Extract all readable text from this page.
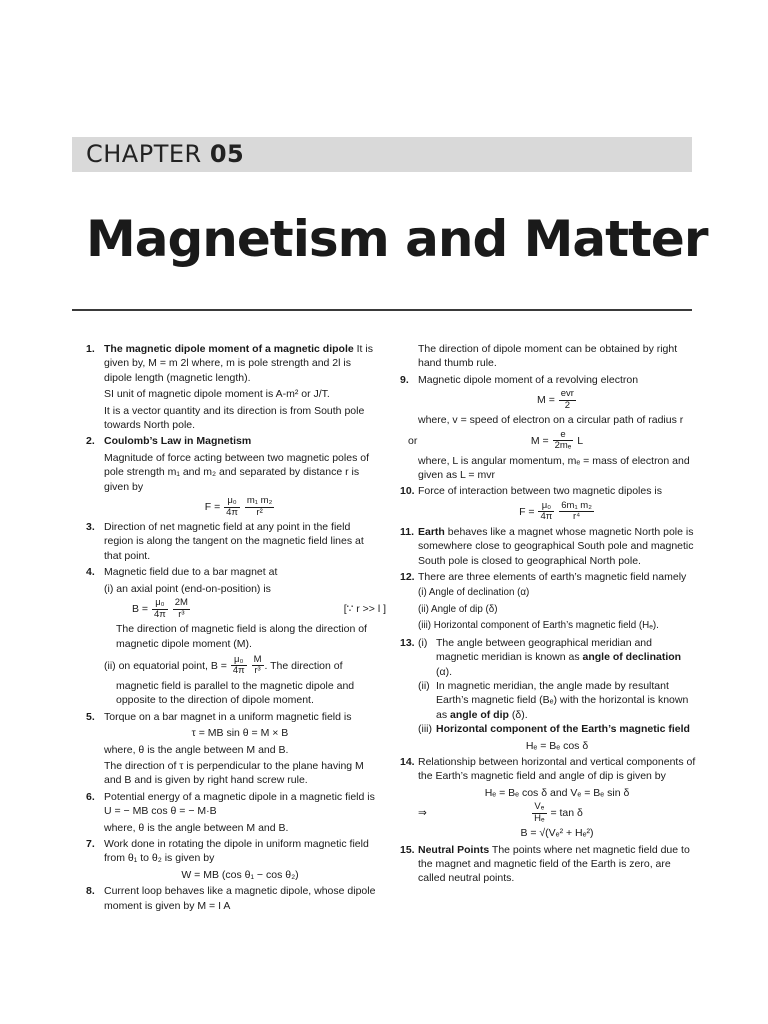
CHAPTER 05
Magnetism and Matter
1. The magnetic dipole moment of a magnetic dipole It is given by, M = m 2l where, m is pole strength and 2l is dipole length (magnetic length).
SI unit of magnetic dipole moment is A-m² or J/T.
It is a vector quantity and its direction is from South pole towards North pole.
2. Coulomb’s Law in Magnetism
Magnitude of force acting between two magnetic poles of pole strength m₁ and m₂ and separated by distance r is given by
$F = \frac{\text{μ₀}}{4\pi}$
$\frac{\text{m₁ m₂}}{\text{r²}}$
3. Direction of net magnetic field at any point in the field region is along the tangent on the magnetic field lines at that point.
4. Magnetic field due to a bar magnet at
(i) an axial point (end-on-position) is
$B = \frac{\text{μ₀}}{4\pi}$
$\frac{2M}{\text{r³}}$	[∵ r >> l ]
The direction of magnetic field is along the direction of magnetic dipole moment (M).
(ii) on equatorial point, $B = \frac{\text{μ₀}}{4\pi}$
$\frac{M}{\text{r³}}$ . The direction of
magnetic field is parallel to the magnetic dipole and opposite to the direction of dipole moment.
5. Torque on a bar magnet in a uniform magnetic field is
τ = MB sin θ = M × B
where, θ is the angle between M and B.
The direction of τ is perpendicular to the plane having M and B and is given by right hand screw rule.
6. Potential energy of a magnetic dipole in a magnetic field is U = − MB cos θ = − M·B
where, θ is the angle between M and B.
7. Work done in rotating the dipole in uniform magnetic field from θ₁ to θ₂ is given by
W = MB (cos θ₁ − cos θ₂)
8. Current loop behaves like a magnetic dipole, whose dipole moment is given by M = I A
The direction of dipole moment can be obtained by right hand thumb rule.
9. Magnetic dipole moment of a revolving electron
$M = \frac{\text{evr}}{2}$
where, v = speed of electron on a circular path of radius r
or	$M = \frac{e}{\text{2mₑ}}$ L
where, L is angular momentum, mₑ = mass of electron and given as L = mvr
10. Force of interaction between two magnetic dipoles is
$F = \frac{\text{μ₀}}{4\pi}$
$\frac{\text{6m₁ m₂}}{\text{r⁴}}$
11. Earth behaves like a magnet whose magnetic North pole is somewhere close to geographical South pole and magnetic South pole is closed to geographical North pole.
12. There are three elements of earth’s magnetic field namely
(i) Angle of declination (α)
(ii) Angle of dip (δ)
(iii) Horizontal component of Earth’s magnetic field (Hₑ).
13. (i) The angle between geographical meridian and magnetic meridian is known as angle of declination (α).
(ii) In magnetic meridian, the angle made by resultant Earth’s magnetic field (Bₑ) with the horizontal is known as angle of dip (δ).
(iii) Horizontal component of the Earth’s magnetic field
Hₑ = Bₑ cos δ
14. Relationship between horizontal and vertical components of the Earth’s magnetic field and angle of dip is given by
Hₑ = Bₑ cos δ and Vₑ = Bₑ sin δ
⇒	$\frac{\text{Vₑ}}{\text{Hₑ}} = \tan \delta$
B = √(Vₑ² + Hₑ²)
15. Neutral Points The points where net magnetic field due to the magnet and magnetic field of the Earth is zero, are called neutral points.
